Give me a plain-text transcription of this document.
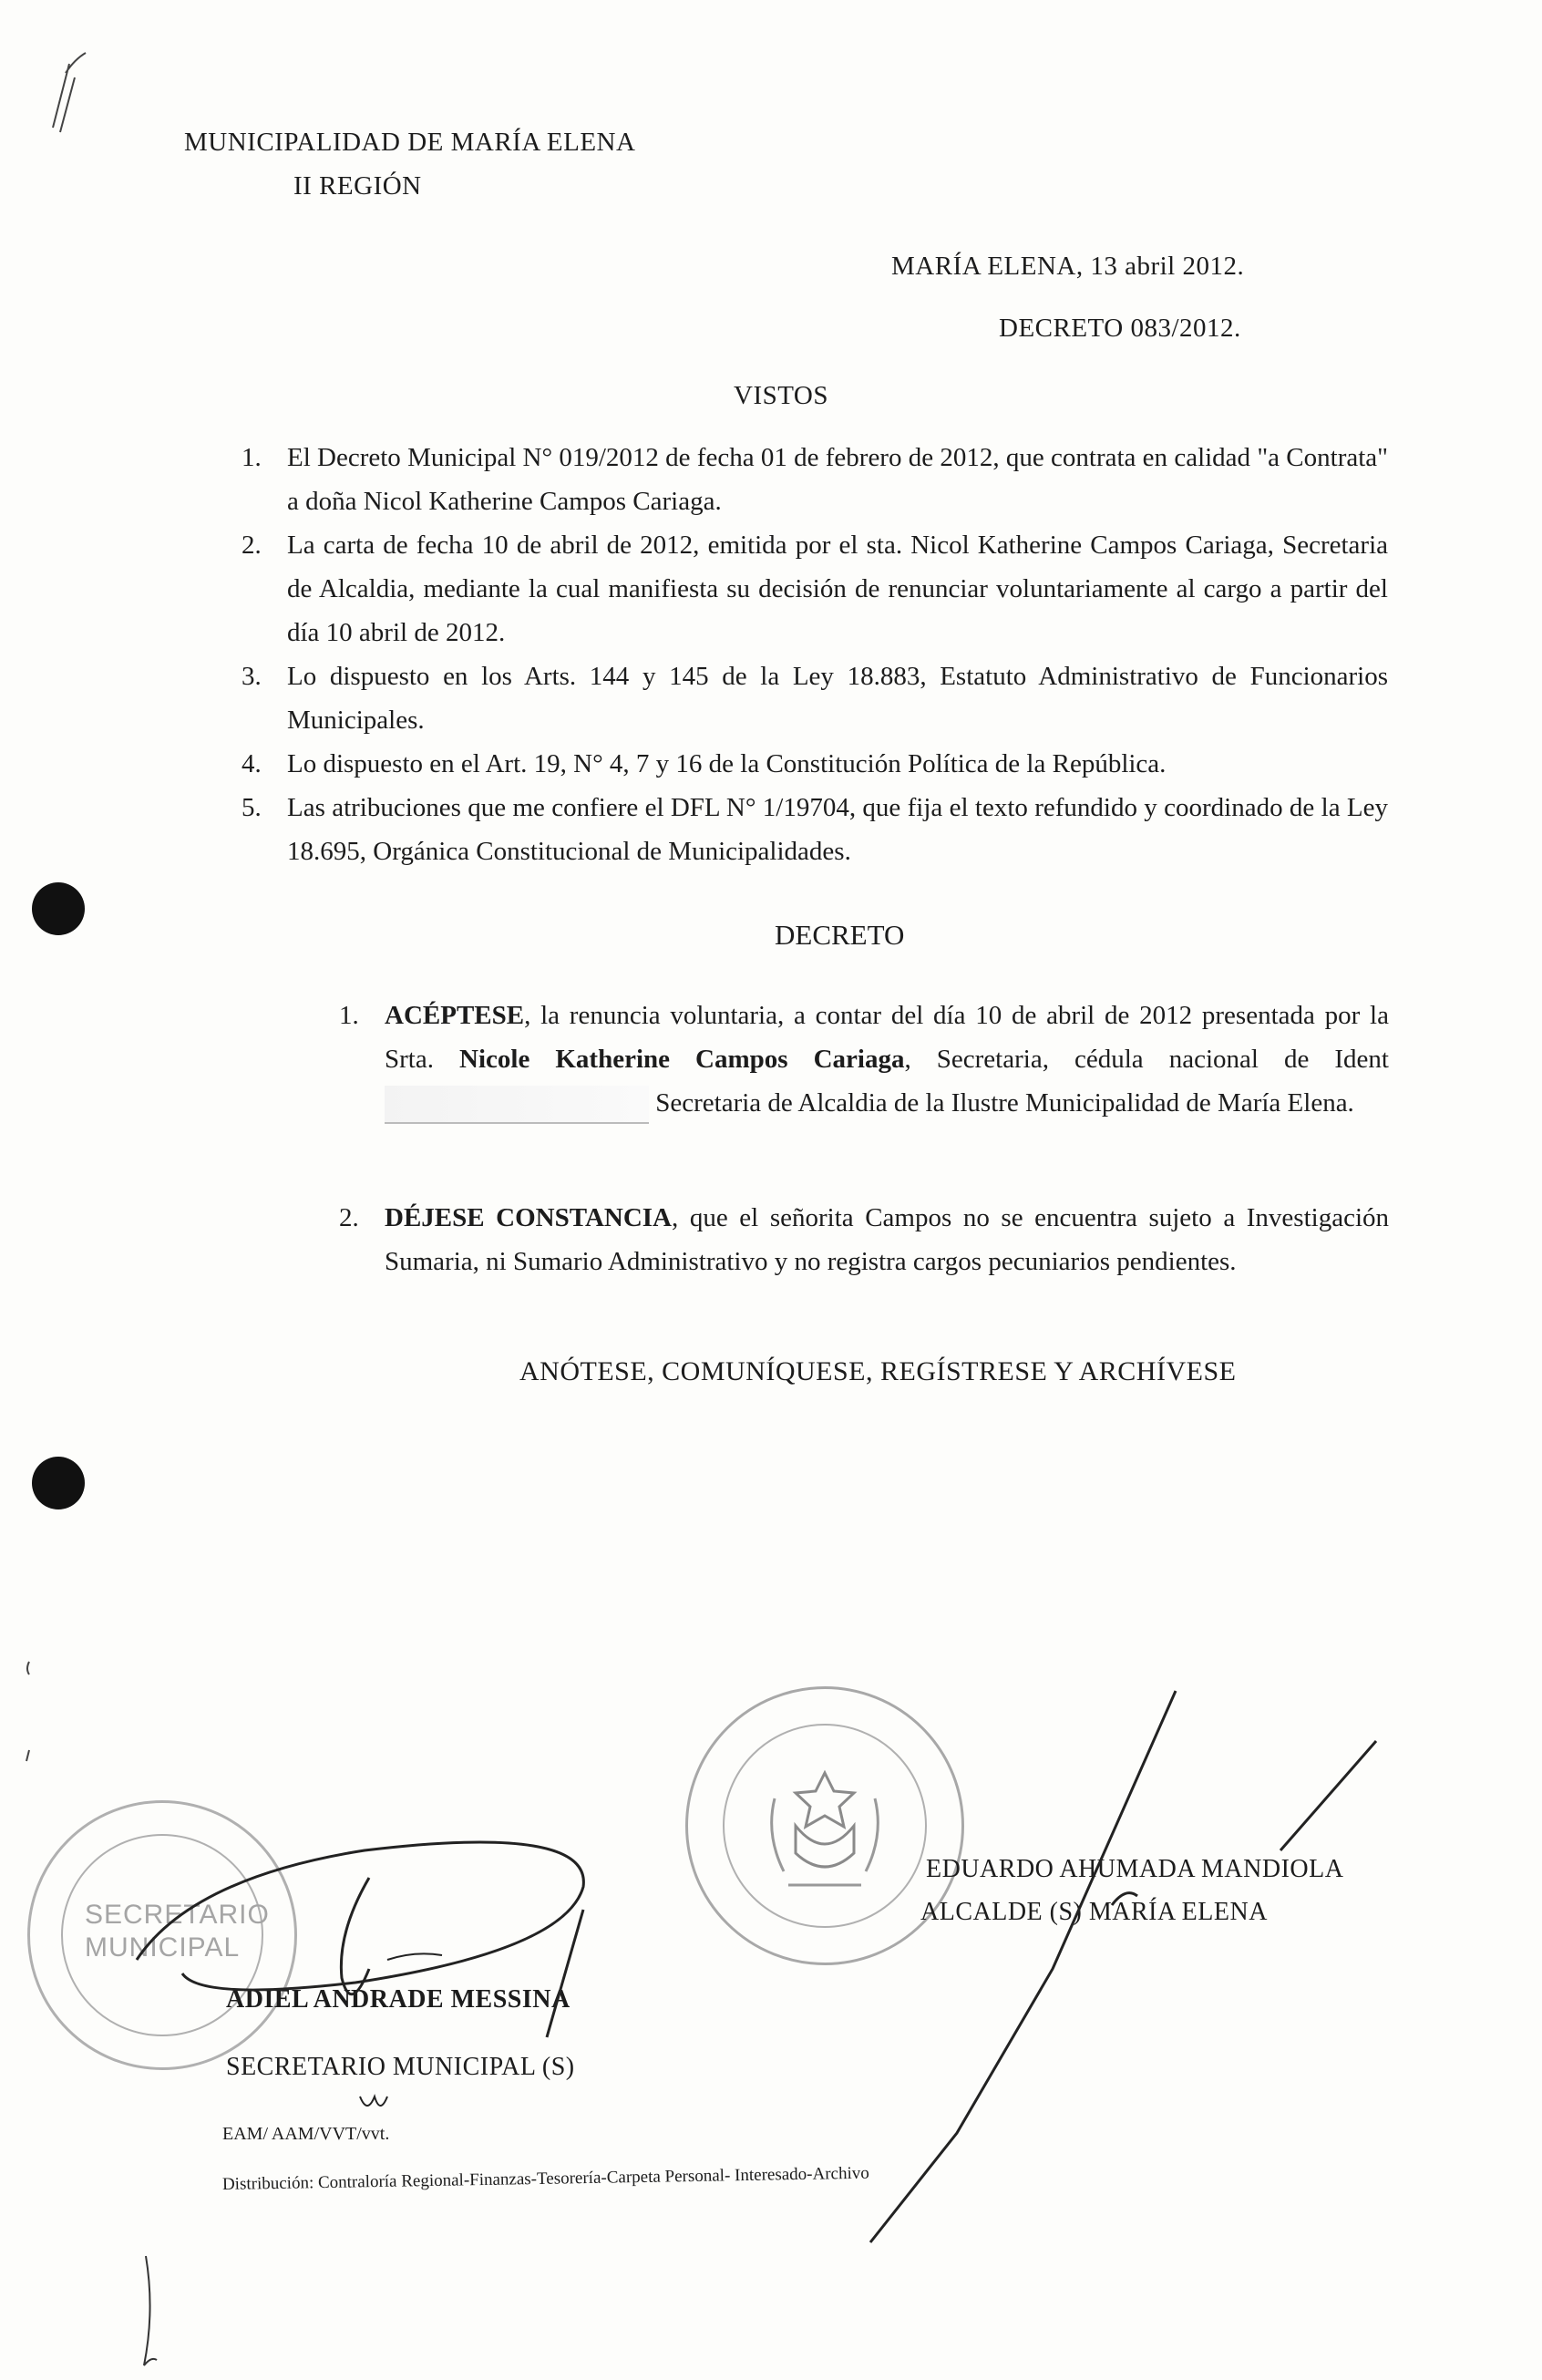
MUNICIPALIDAD DE MARÍA ELENA
II REGIÓN
MARÍA ELENA, 13 abril 2012.
DECRETO 083/2012.
VISTOS
1. El Decreto Municipal N° 019/2012 de fecha 01 de febrero de 2012, que contrata en calidad "a Contrata" a doña Nicol Katherine Campos Cariaga.
2. La carta de fecha 10 de abril de 2012, emitida por el sta. Nicol Katherine Campos Cariaga, Secretaria de Alcaldia, mediante la cual manifiesta su decisión de renunciar voluntariamente al cargo a partir del día 10 abril de 2012.
3. Lo dispuesto en los Arts. 144 y 145 de la Ley 18.883, Estatuto Administrativo de Funcionarios Municipales.
4. Lo dispuesto en el Art. 19, N° 4, 7 y 16 de la Constitución Política de la República.
5. Las atribuciones que me confiere el DFL N° 1/19704, que fija el texto refundido y coordinado de la Ley 18.695, Orgánica Constitucional de Municipalidades.
DECRETO
1. ACÉPTESE, la renuncia voluntaria, a contar del día 10 de abril de 2012 presentada por la Srta. Nicole Katherine Campos Cariaga, Secretaria, cédula nacional de Ident Secretaria de Alcaldia de la Ilustre Municipalidad de María Elena.
2. DÉJESE CONSTANCIA, que el señorita Campos no se encuentra sujeto a Investigación Sumaria, ni Sumario Administrativo y no registra cargos pecuniarios pendientes.
ANÓTESE, COMUNÍQUESE, REGÍSTRESE Y ARCHÍVESE
SECRETARIO
MUNICIPAL
EDUARDO AHUMADA MANDIOLA
ALCALDE (S) MARÍA ELENA
ADIEL ANDRADE MESSINA
SECRETARIO MUNICIPAL (S)
EAM/ AAM/VVT/vvt.
Distribución: Contraloría Regional-Finanzas-Tesorería-Carpeta Personal- Interesado-Archivo
